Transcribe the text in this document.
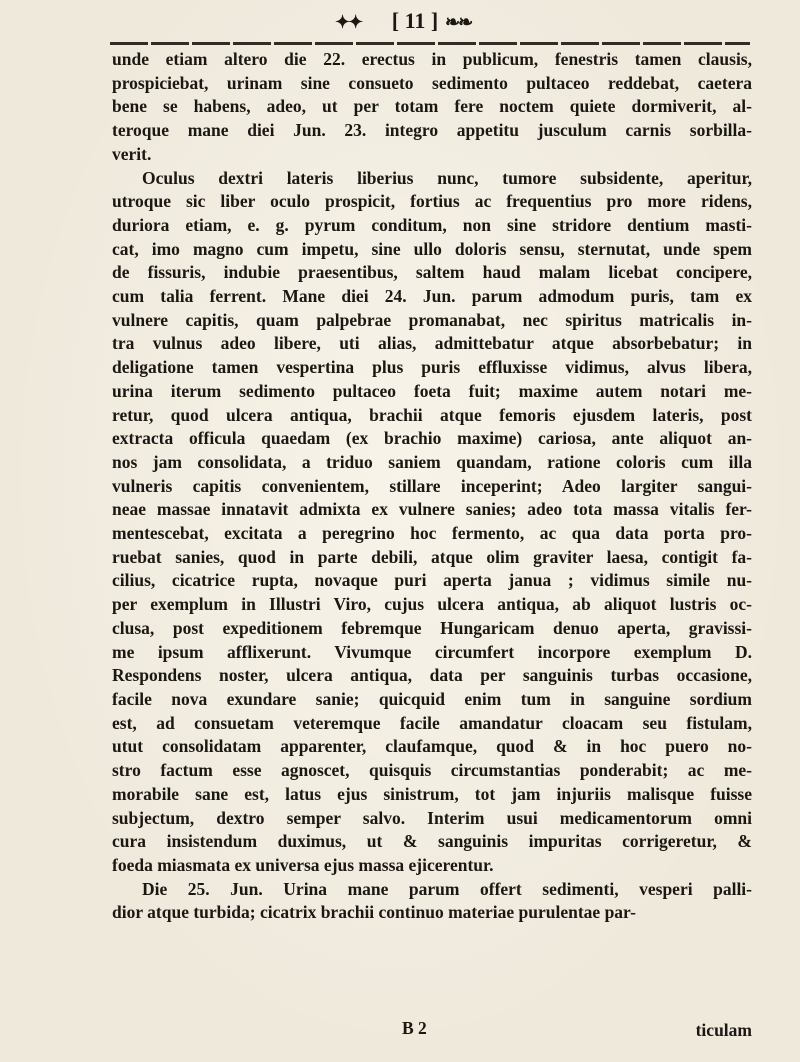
✦✦ [ 11 ] ❧❧
unde etiam altero die 22. erectus in publicum, fenestris tamen clausis,
prospiciebat, urinam sine consueto sedimento pultaceo reddebat, caetera
bene se habens, adeo, ut per totam fere noctem quiete dormiverit, al-
teroque mane diei Jun. 23. integro appetitu jusculum carnis sorbilla-
verit.
Oculus dextri lateris liberius nunc, tumore subsidente, aperitur,
utroque sic liber oculo prospicit, fortius ac frequentius pro more ridens,
duriora etiam, e. g. pyrum conditum, non sine stridore dentium masti-
cat, imo magno cum impetu, sine ullo doloris sensu, sternutat, unde spem
de fissuris, indubie praesentibus, saltem haud malam licebat concipere,
cum talia ferrent. Mane diei 24. Jun. parum admodum puris, tam ex
vulnere capitis, quam palpebrae promanabat, nec spiritus matricalis in-
tra vulnus adeo libere, uti alias, admittebatur atque absorbebatur; in
deligatione tamen vespertina plus puris effluxisse vidimus, alvus libera,
urina iterum sedimento pultaceo foeta fuit; maxime autem notari me-
retur, quod ulcera antiqua, brachii atque femoris ejusdem lateris, post
extracta officula quaedam (ex brachio maxime) cariosa, ante aliquot an-
nos jam consolidata, a triduo saniem quandam, ratione coloris cum illa
vulneris capitis convenientem, stillare inceperint; Adeo largiter sangui-
neae massae innatavit admixta ex vulnere sanies; adeo tota massa vitalis fer-
mentescebat, excitata a peregrino hoc fermento, ac qua data porta pro-
ruebat sanies, quod in parte debili, atque olim graviter laesa, contigit fa-
cilius, cicatrice rupta, novaque puri aperta janua ; vidimus simile nu-
per exemplum in Illustri Viro, cujus ulcera antiqua, ab aliquot lustris oc-
clusa, post expeditionem febremque Hungaricam denuo aperta, gravissi-
me ipsum afflixerunt. Vivumque circumfert incorpore exemplum D.
Respondens noster, ulcera antiqua, data per sanguinis turbas occasione,
facile nova exundare sanie; quicquid enim tum in sanguine sordium
est, ad consuetam veteremque facile amandatur cloacam seu fistulam,
utut consolidatam apparenter, claufamque, quod & in hoc puero no-
stro factum esse agnoscet, quisquis circumstantias ponderabit; ac me-
morabile sane est, latus ejus sinistrum, tot jam injuriis malisque fuisse
subjectum, dextro semper salvo. Interim usui medicamentorum omni
cura insistendum duximus, ut & sanguinis impuritas corrigeretur, &
foeda miasmata ex universa ejus massa ejicerentur.
Die 25. Jun. Urina mane parum offert sedimenti, vesperi palli-
dior atque turbida; cicatrix brachii continuo materiae purulentae par-
B 2	ticulam
